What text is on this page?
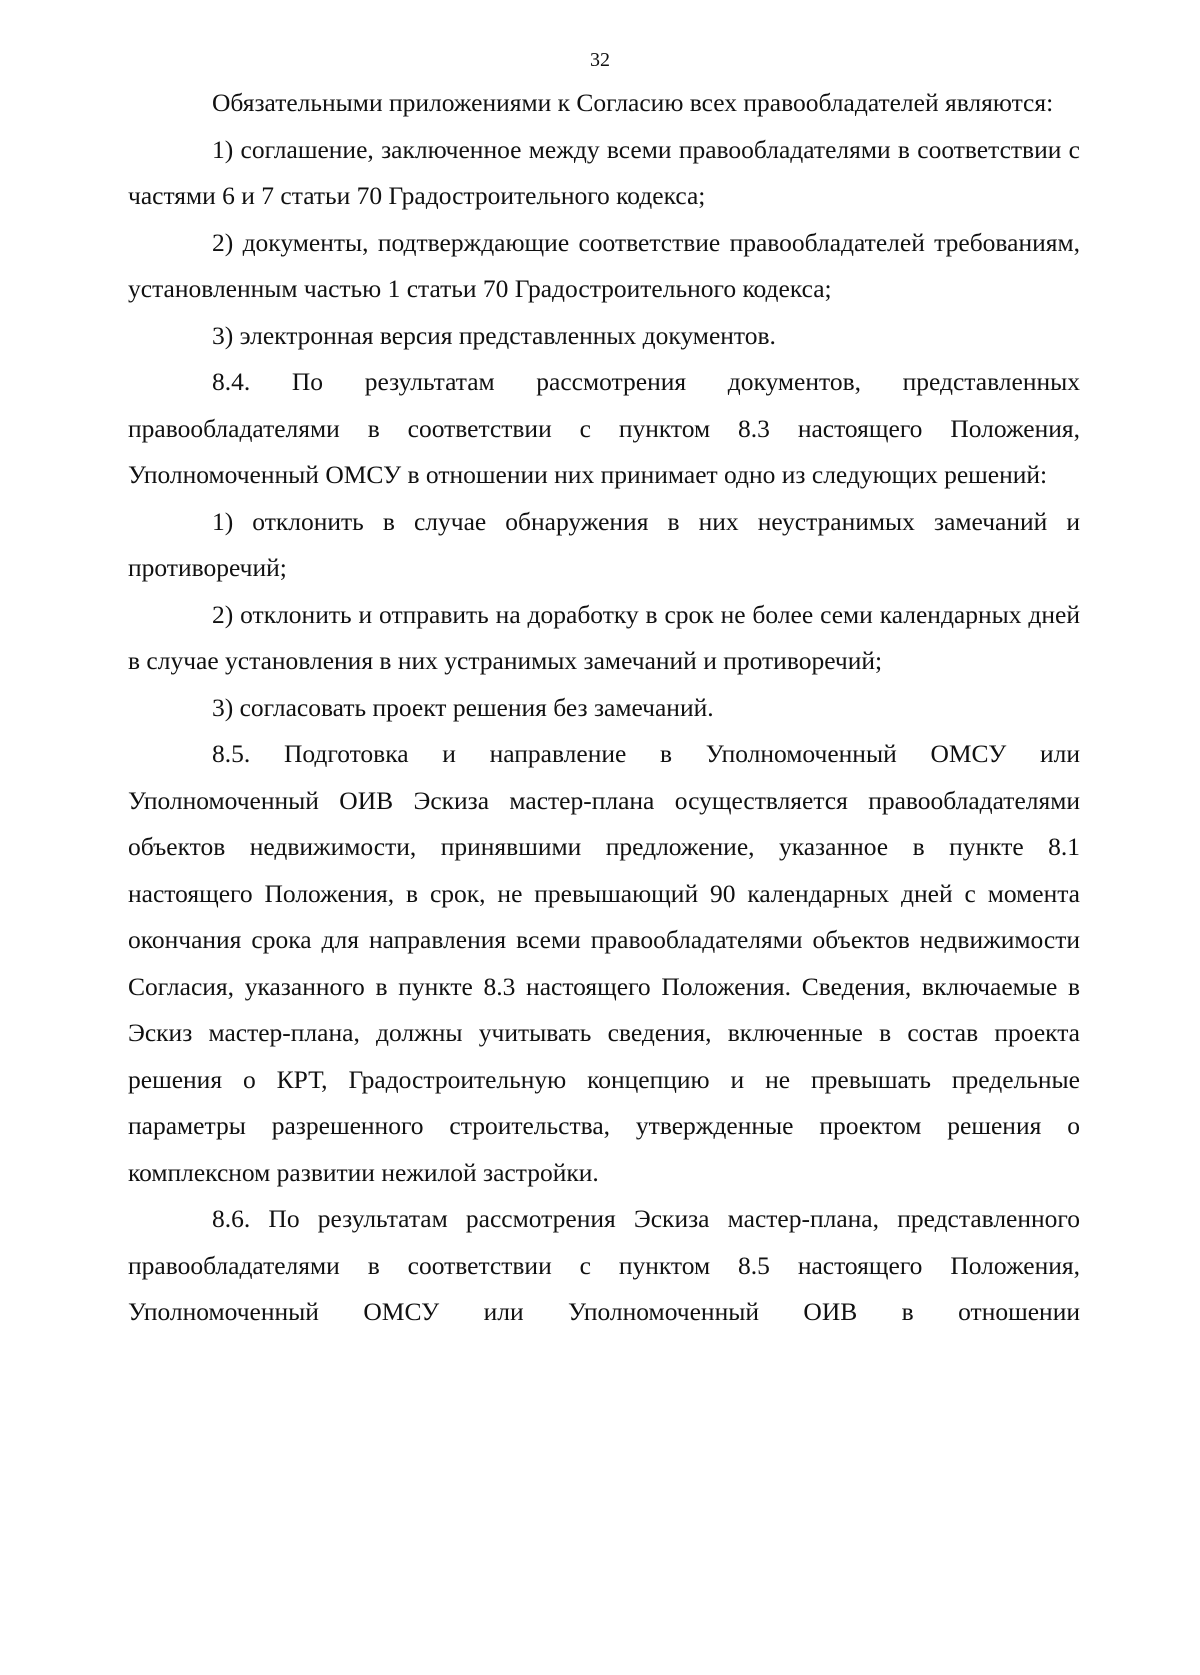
32

Обязательными приложениями к Согласию всех правообладателей являются:

1) соглашение, заключенное между всеми правообладателями в соответствии с частями 6 и 7 статьи 70 Градостроительного кодекса;

2) документы, подтверждающие соответствие правообладателей требованиям, установленным частью 1 статьи 70 Градостроительного кодекса;

3) электронная версия представленных документов.

8.4. По результатам рассмотрения документов, представленных правообладателями в соответствии с пунктом 8.3 настоящего Положения, Уполномоченный ОМСУ в отношении них принимает одно из следующих решений:

1) отклонить в случае обнаружения в них неустранимых замечаний и противоречий;

2) отклонить и отправить на доработку в срок не более семи календарных дней в случае установления в них устранимых замечаний и противоречий;

3) согласовать проект решения без замечаний.

8.5. Подготовка и направление в Уполномоченный ОМСУ или Уполномоченный ОИВ Эскиза мастер-плана осуществляется правообладателями объектов недвижимости, принявшими предложение, указанное в пункте 8.1 настоящего Положения, в срок, не превышающий 90 календарных дней с момента окончания срока для направления всеми правообладателями объектов недвижимости Согласия, указанного в пункте 8.3 настоящего Положения. Сведения, включаемые в Эскиз мастер-плана, должны учитывать сведения, включенные в состав проекта решения о КРТ, Градостроительную концепцию и не превышать предельные параметры разрешенного строительства, утвержденные проектом решения о комплексном развитии нежилой застройки.

8.6. По результатам рассмотрения Эскиза мастер-плана, представленного правообладателями в соответствии с пунктом 8.5 настоящего Положения, Уполномоченный ОМСУ или Уполномоченный ОИВ в отношении
